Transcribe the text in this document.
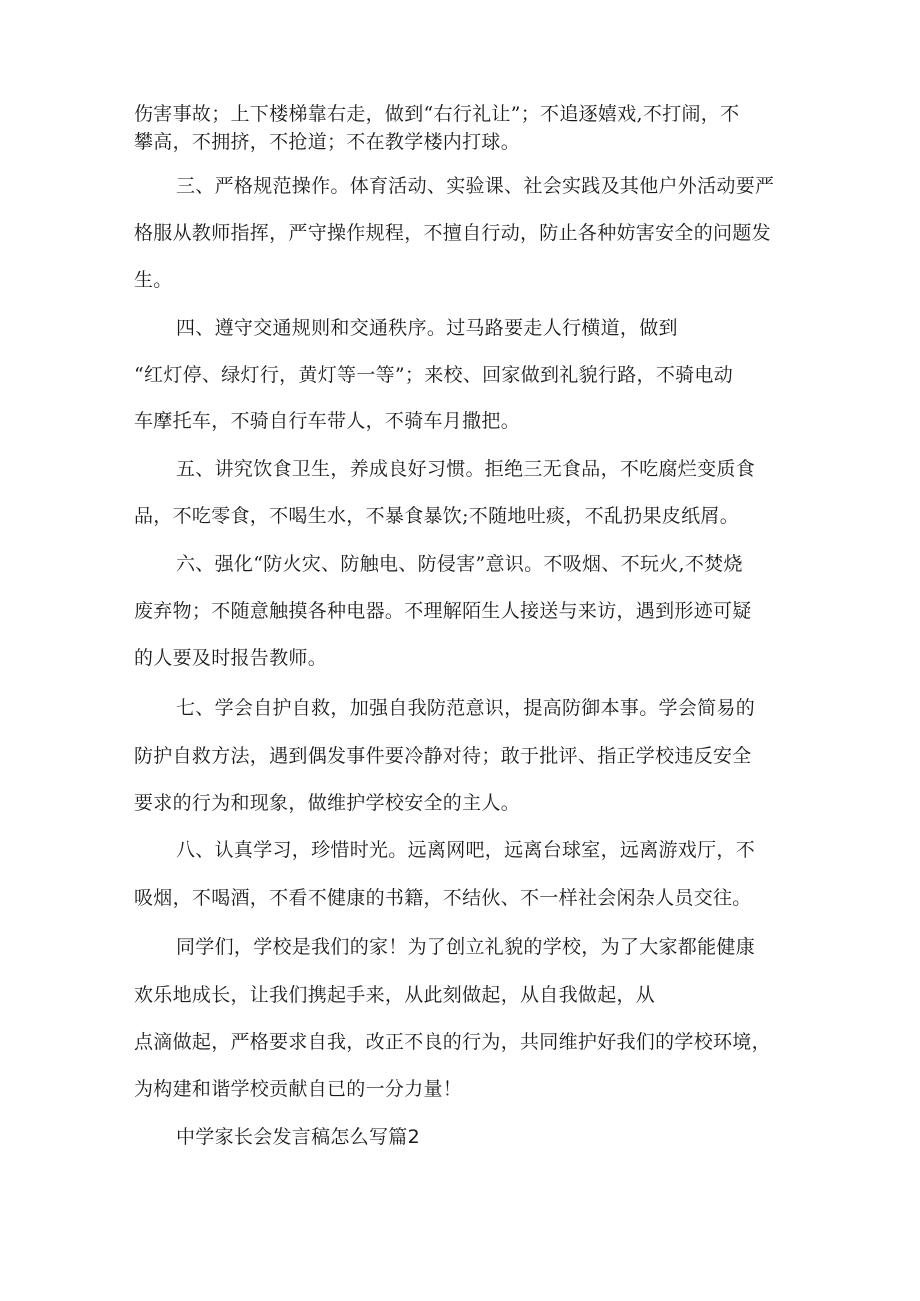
伤害事故；上下楼梯靠右走，做到“右行礼让”；不追逐嬉戏,不打闹，不
攀高，不拥挤，不抢道；不在教学楼内打球。
三、严格规范操作。体育活动、实验课、社会实践及其他户外活动要严
格服从教师指挥，严守操作规程，不擅自行动，防止各种妨害安全的问题发
生。
四、遵守交通规则和交通秩序。过马路要走人行横道，做到
“红灯停、绿灯行，黄灯等一等”；来校、回家做到礼貌行路，不骑电动
车摩托车，不骑自行车带人，不骑车月撒把。
五、讲究饮食卫生，养成良好习惯。拒绝三无食品，不吃腐烂变质食
品，不吃零食，不喝生水，不暴食暴饮;不随地吐痰，不乱扔果皮纸屑。
六、强化“防火灾、防触电、防侵害”意识。不吸烟、不玩火,不焚烧
废弃物；不随意触摸各种电器。不理解陌生人接送与来访，遇到形迹可疑
的人要及时报告教师。
七、学会自护自救，加强自我防范意识，提高防御本事。学会简易的
防护自救方法，遇到偶发事件要冷静对待；敢于批评、指正学校违反安全
要求的行为和现象，做维护学校安全的主人。
八、认真学习，珍惜时光。远离网吧，远离台球室，远离游戏厅，不
吸烟，不喝酒，不看不健康的书籍，不结伙、不一样社会闲杂人员交往。
同学们，学校是我们的家！为了创立礼貌的学校，为了大家都能健康
欢乐地成长，让我们携起手来，从此刻做起，从自我做起，从
点滴做起，严格要求自我，改正不良的行为，共同维护好我们的学校环境，
为构建和谐学校贡献自已的一分力量！
中学家长会发言稿怎么写篇2
